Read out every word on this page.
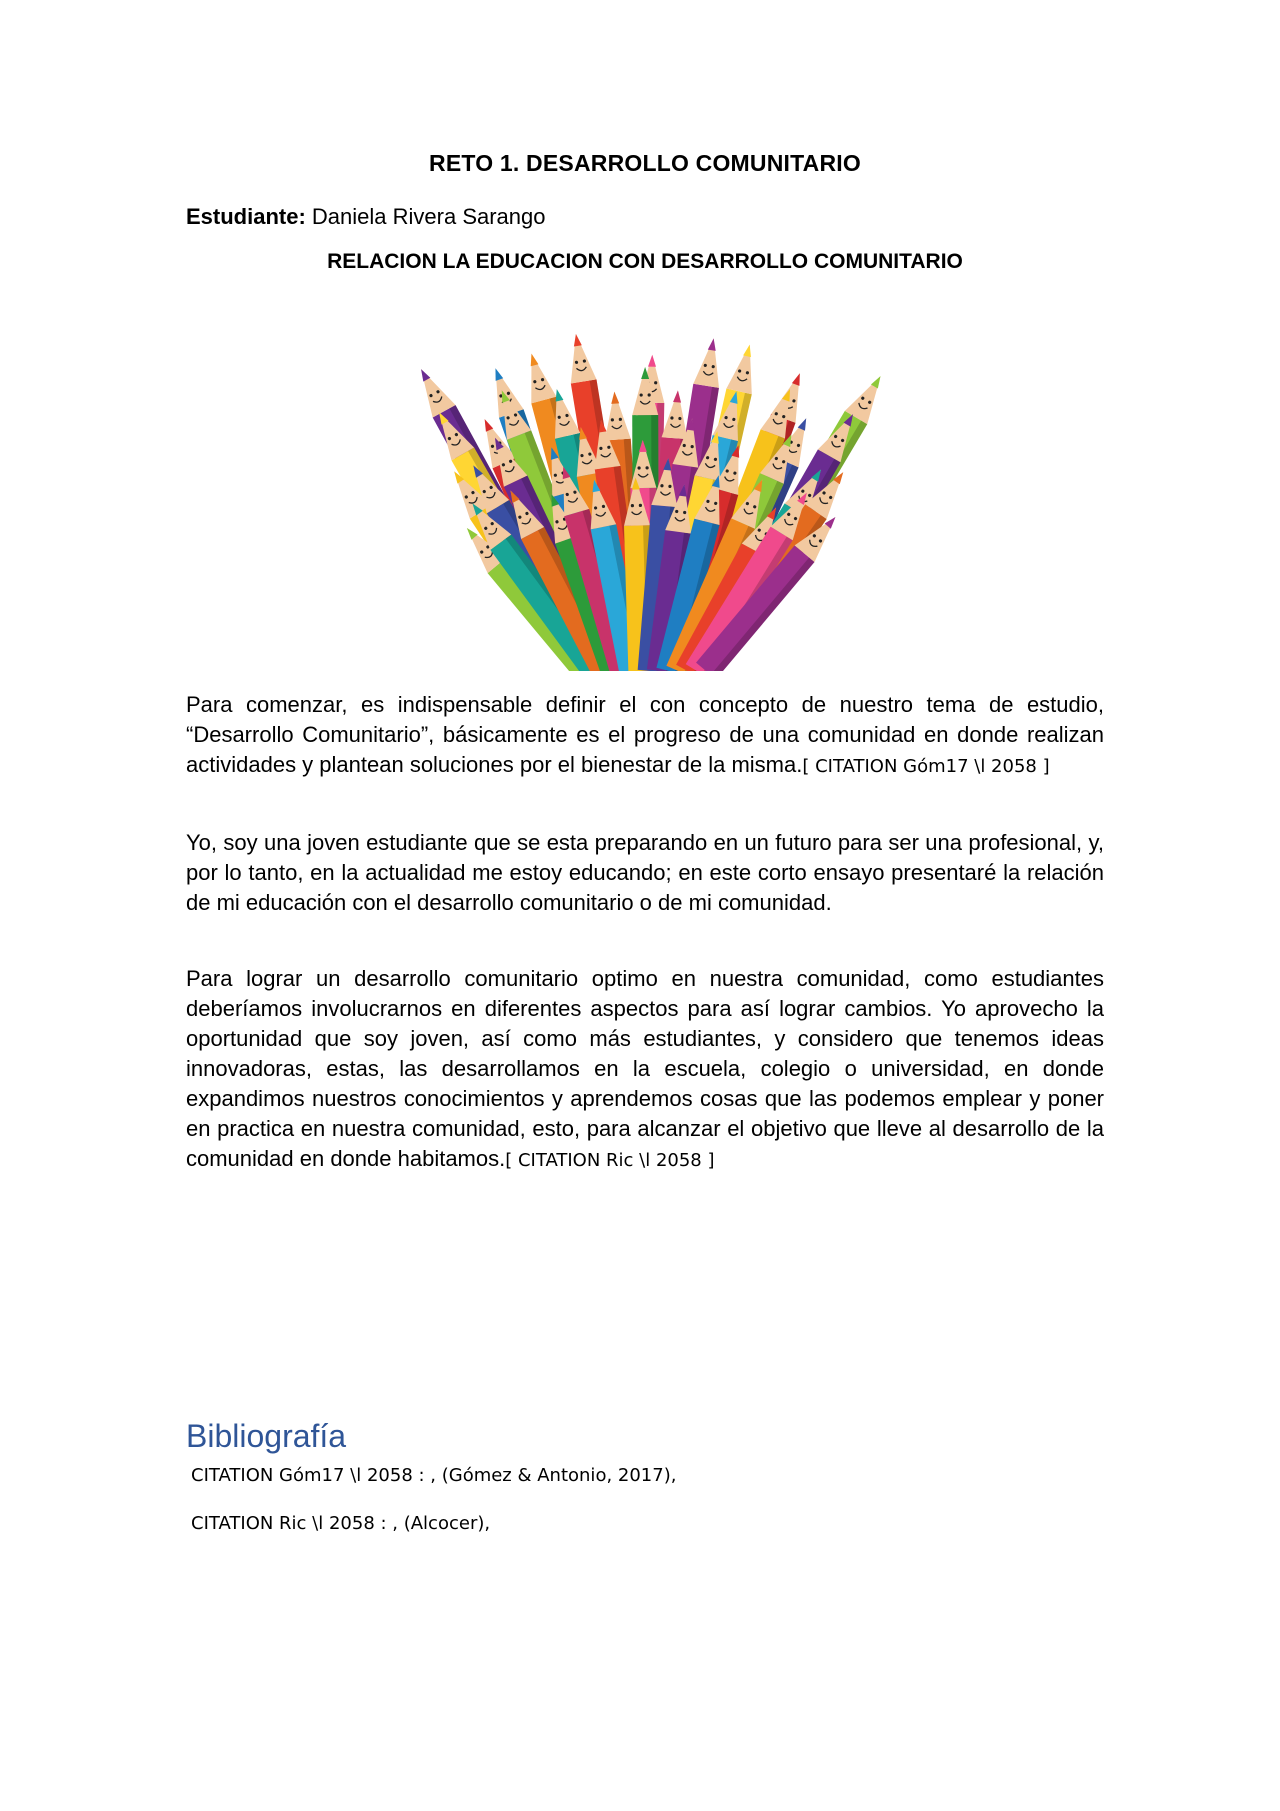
RETO 1. DESARROLLO COMUNITARIO
Estudiante: Daniela Rivera Sarango
RELACION LA EDUCACION CON DESARROLLO COMUNITARIO
Para comenzar, es indispensable definir el con concepto de nuestro tema de estudio, “Desarrollo Comunitario”, básicamente es el progreso de una comunidad en donde realizan actividades y plantean soluciones por el bienestar de la misma.[ CITATION Góm17 \l 2058 ]
Yo, soy una joven estudiante que se esta preparando en un futuro para ser una profesional, y, por lo tanto, en la actualidad me estoy educando; en este corto ensayo presentaré la relación de mi educación con el desarrollo comunitario o de mi comunidad.
Para lograr un desarrollo comunitario optimo en nuestra comunidad, como estudiantes deberíamos involucrarnos en diferentes aspectos para así lograr cambios. Yo aprovecho la oportunidad que soy joven, así como más estudiantes, y considero que tenemos ideas innovadoras, estas, las desarrollamos en la escuela, colegio o universidad, en donde expandimos nuestros conocimientos y aprendemos cosas que las podemos emplear y poner en practica en nuestra comunidad, esto, para alcanzar el objetivo que lleve al desarrollo de la comunidad en donde habitamos.[ CITATION Ric \l 2058 ]
Bibliografía
CITATION Góm17 \l 2058 : , (Gómez & Antonio, 2017),
CITATION Ric \l 2058 : , (Alcocer),
